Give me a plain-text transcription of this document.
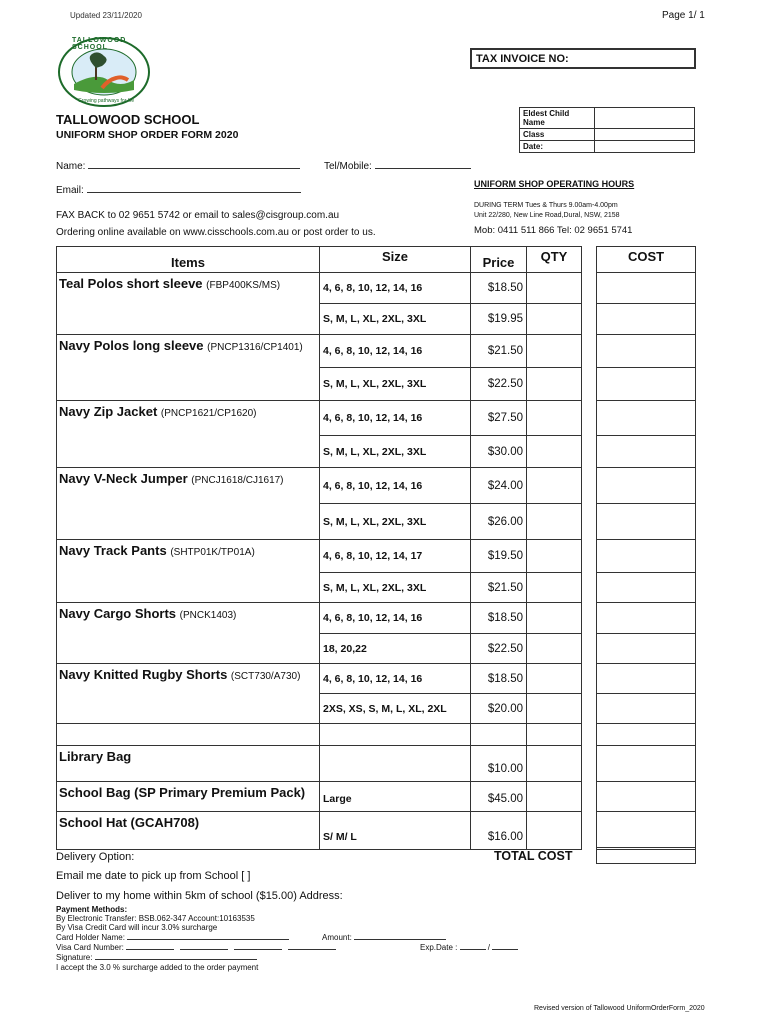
Updated 23/11/2020	Page 1/ 1
TALLOWOOD SCHOOL
Growing pathways for life
TAX INVOICE NO:
TALLOWOOD SCHOOL
UNIFORM SHOP ORDER FORM 2020
Eldest Child Name	
Class	
Date:	
Name:	Tel/Mobile:
Email:
FAX BACK to 02 9651 5742 or email to sales@cisgroup.com.au
Ordering online available on www.cisschools.com.au or post order to us.
UNIFORM SHOP OPERATING HOURS
DURING TERM Tues & Thurs 9.00am-4.00pm
Unit 22/280, New Line Road,Dural, NSW, 2158
Mob: 0411 511 866 Tel: 02 9651 5741
Items	Size	Price	QTY
Teal Polos short sleeve (FBP400KS/MS)	4, 6, 8, 10, 12, 14, 16	$18.50	
	S, M, L, XL, 2XL, 3XL	$19.95	
Navy Polos long sleeve (PNCP1316/CP1401)	4, 6, 8, 10, 12, 14, 16	$21.50	
	S, M, L, XL, 2XL, 3XL	$22.50	
Navy Zip Jacket (PNCP1621/CP1620)	4, 6, 8, 10, 12, 14, 16	$27.50	
	S, M, L, XL, 2XL, 3XL	$30.00	
Navy V-Neck Jumper (PNCJ1618/CJ1617)	4, 6, 8, 10, 12, 14, 16	$24.00	
	S, M, L, XL, 2XL, 3XL	$26.00	
Navy Track Pants (SHTP01K/TP01A)	4, 6, 8, 10, 12, 14, 17	$19.50	
	S, M, L, XL, 2XL, 3XL	$21.50	
Navy Cargo Shorts (PNCK1403)	4, 6, 8, 10, 12, 14, 16	$18.50	
	18, 20,22	$22.50	
Navy Knitted Rugby Shorts (SCT730/A730)	4, 6, 8, 10, 12, 14, 16	$18.50	
	2XS, XS, S, M, L, XL, 2XL	$20.00	

Library Bag		$10.00	
School Bag (SP Primary Premium Pack)	Large	$45.00	
School Hat (GCAH708)	S/ M/ L	$16.00	
COST

Delivery Option:	TOTAL COST
Email me date to pick up from School [ ]
Deliver to my home within 5km of school ($15.00) Address:
Payment Methods:
By Electronic Transfer: BSB.062-347 Account:10163535
By Visa Credit Card will incur 3.0% surcharge
Card Holder Name:	Amount:
Visa Card Number:	Exp.Date :	/
Signature:
I accept the 3.0 % surcharge added to the order payment
Revised version of Tallowood UniformOrderForm_2020
